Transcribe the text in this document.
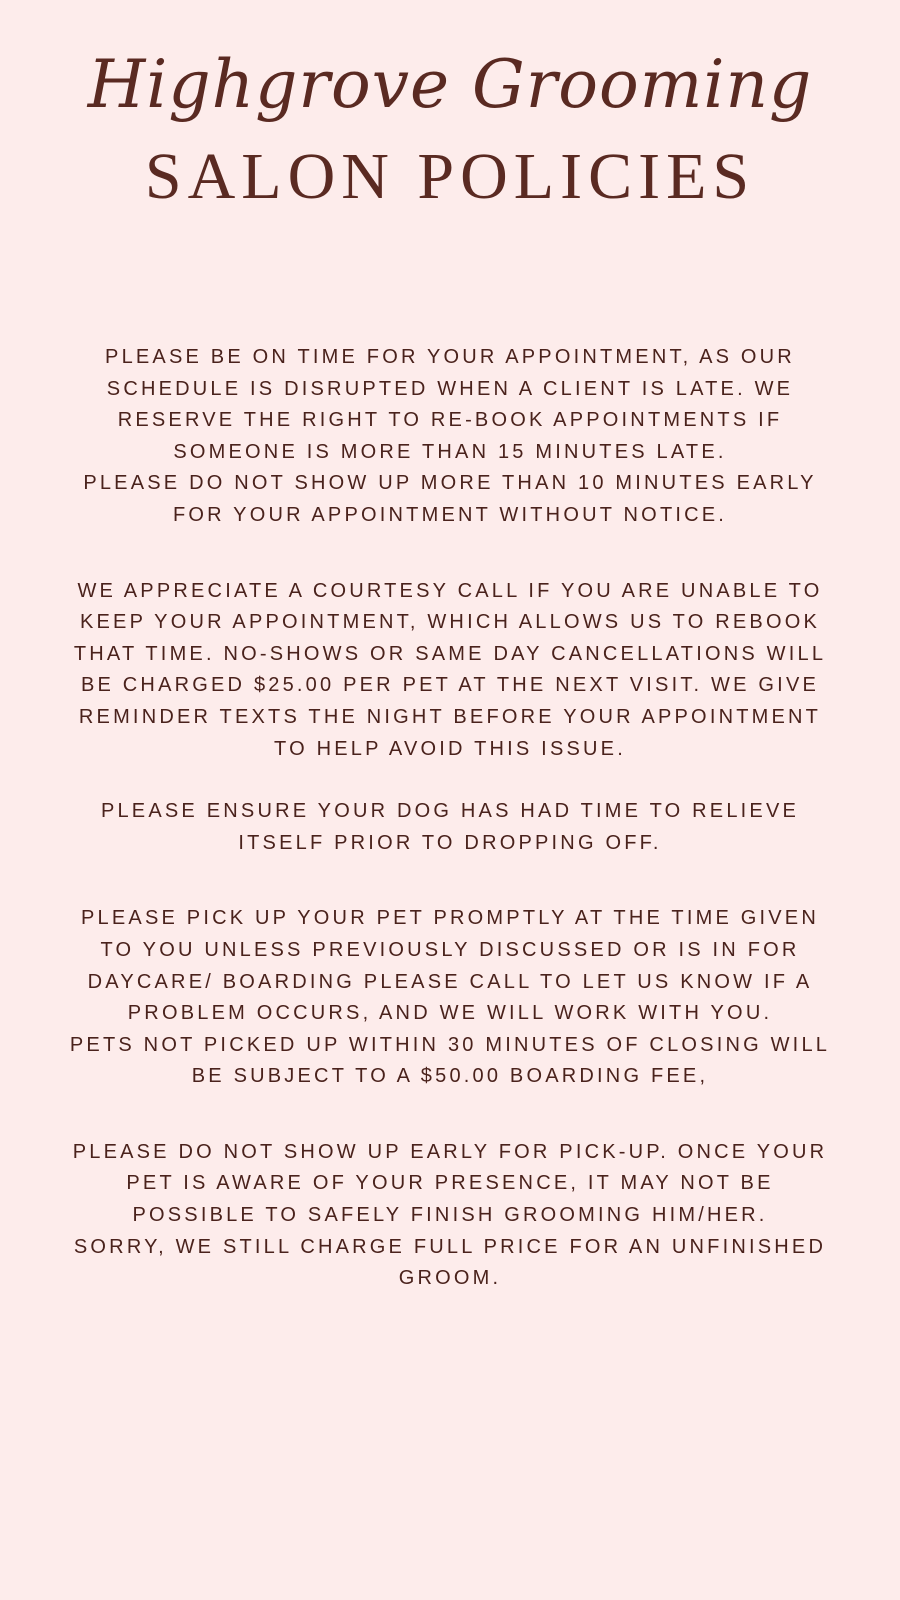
Highgrove Grooming
SALON POLICIES

PLEASE BE ON TIME FOR YOUR APPOINTMENT, AS OUR SCHEDULE IS DISRUPTED WHEN A CLIENT IS LATE. WE RESERVE THE RIGHT TO RE-BOOK APPOINTMENTS IF SOMEONE IS MORE THAN 15 MINUTES LATE.

PLEASE DO NOT SHOW UP MORE THAN 10 MINUTES EARLY FOR YOUR APPOINTMENT WITHOUT NOTICE.

WE APPRECIATE A COURTESY CALL IF YOU ARE UNABLE TO KEEP YOUR APPOINTMENT, WHICH ALLOWS US TO REBOOK THAT TIME. NO-SHOWS OR SAME DAY CANCELLATIONS WILL BE CHARGED $25.00 PER PET AT THE NEXT VISIT. WE GIVE REMINDER TEXTS THE NIGHT BEFORE YOUR APPOINTMENT TO HELP AVOID THIS ISSUE.

PLEASE ENSURE YOUR DOG HAS HAD TIME TO RELIEVE ITSELF PRIOR TO DROPPING OFF.

PLEASE PICK UP YOUR PET PROMPTLY AT THE TIME GIVEN TO YOU UNLESS PREVIOUSLY DISCUSSED OR IS IN FOR DAYCARE/ BOARDING PLEASE CALL TO LET US KNOW IF A PROBLEM OCCURS, AND WE WILL WORK WITH YOU.

PETS NOT PICKED UP WITHIN 30 MINUTES OF CLOSING WILL BE SUBJECT TO A $50.00 BOARDING FEE,

PLEASE DO NOT SHOW UP EARLY FOR PICK-UP. ONCE YOUR PET IS AWARE OF YOUR PRESENCE, IT MAY NOT BE POSSIBLE TO SAFELY FINISH GROOMING HIM/HER.

SORRY, WE STILL CHARGE FULL PRICE FOR AN UNFINISHED GROOM.
